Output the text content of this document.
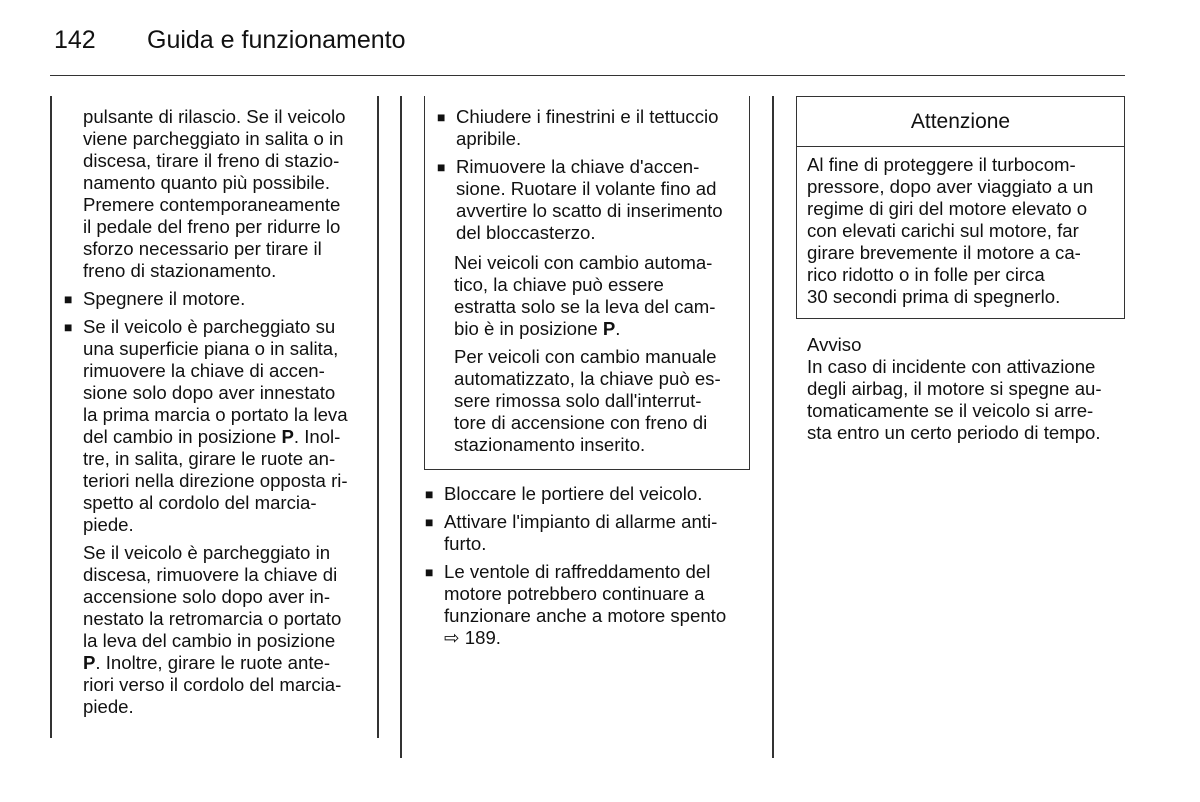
142 Guida e funzionamento

pulsante di rilascio. Se il veicolo

viene parcheggiato in salita o in

discesa, tirare il freno di stazio-

namento quanto più possibile.

Premere contemporaneamente

il pedale del freno per ridurre lo

sforzo necessario per tirare il

freno di stazionamento.

■ Spegnere il motore.

■ Se il veicolo è parcheggiato su

una superficie piana o in salita,

rimuovere la chiave di accen-

sione solo dopo aver innestato

la prima marcia o portato la leva

del cambio in posizione P. Inol-

tre, in salita, girare le ruote an-

teriori nella direzione opposta ri-

spetto al cordolo del marcia-

piede.

Se il veicolo è parcheggiato in

discesa, rimuovere la chiave di

accensione solo dopo aver in-

nestato la retromarcia o portato

la leva del cambio in posizione

P. Inoltre, girare le ruote ante-

riori verso il cordolo del marcia-

piede.

■ Chiudere i finestrini e il tettuccio

apribile.

■ Rimuovere la chiave d'accen-

sione. Ruotare il volante fino ad

avvertire lo scatto di inserimento

del bloccasterzo.

Nei veicoli con cambio automa-

tico, la chiave può essere

estratta solo se la leva del cam-

bio è in posizione P.

Per veicoli con cambio manuale

automatizzato, la chiave può es-

sere rimossa solo dall'interrut-

tore di accensione con freno di

stazionamento inserito.

■ Bloccare le portiere del veicolo.

■ Attivare l'impianto di allarme anti-

furto.

■ Le ventole di raffreddamento del

motore potrebbero continuare a

funzionare anche a motore spento

⇨ 189.

Attenzione

Al fine di proteggere il turbocom-

pressore, dopo aver viaggiato a un

regime di giri del motore elevato o

con elevati carichi sul motore, far

girare brevemente il motore a ca-

rico ridotto o in folle per circa

30 secondi prima di spegnerlo.

Avviso

In caso di incidente con attivazione

degli airbag, il motore si spegne au-

tomaticamente se il veicolo si arre-

sta entro un certo periodo di tempo.
